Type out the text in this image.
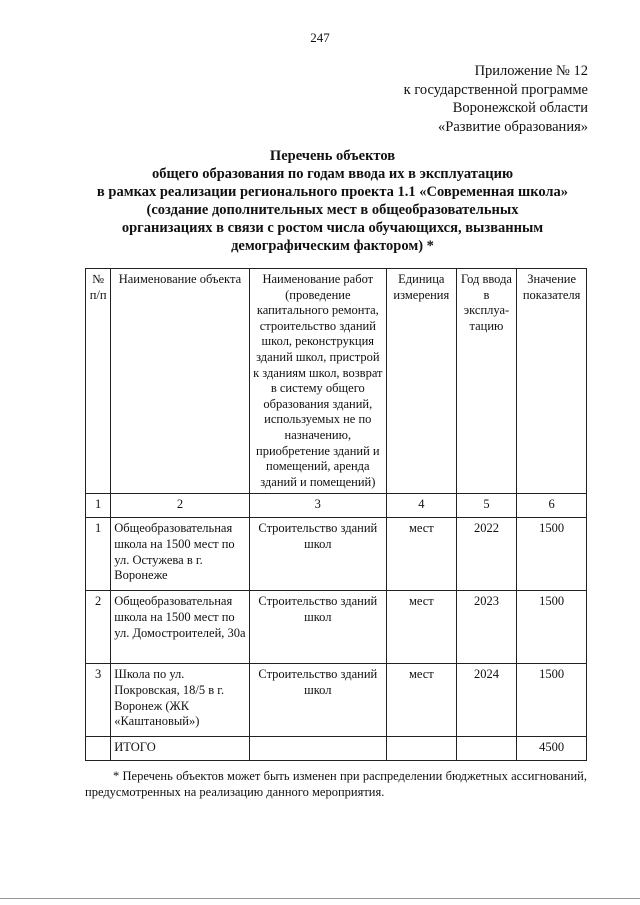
247
Приложение № 12
к государственной программе
Воронежской области
«Развитие образования»
Перечень объектов
общего образования по годам ввода их в эксплуатацию
в рамках реализации регионального проекта 1.1 «Современная школа»
(создание дополнительных мест в общеобразовательных
организациях в связи с ростом числа обучающихся, вызванным
демографическим фактором) *
№ п/п	Наименование объекта	Наименование работ (проведение капитального ремонта, строительство зданий школ, реконструкция зданий школ, пристрой к зданиям школ, возврат в систему общего образования зданий, используемых не по назначению, приобретение зданий и помещений, аренда зданий и помещений)	Единица измерения	Год ввода в эксплуа-тацию	Значение показателя
1	2	3	4	5	6
1	Общеобразовательная школа на 1500 мест по ул. Остужева в г. Воронеже	Строительство зданий школ	мест	2022	1500
2	Общеобразовательная школа на 1500 мест по ул. Домостроителей, 30а	Строительство зданий школ	мест	2023	1500
3	Школа по ул. Покровская, 18/5 в г. Воронеж (ЖК «Каштановый»)	Строительство зданий школ	мест	2024	1500
	ИТОГО				4500
* Перечень объектов может быть изменен при распределении бюджетных ассигнований, предусмотренных на реализацию данного мероприятия.
